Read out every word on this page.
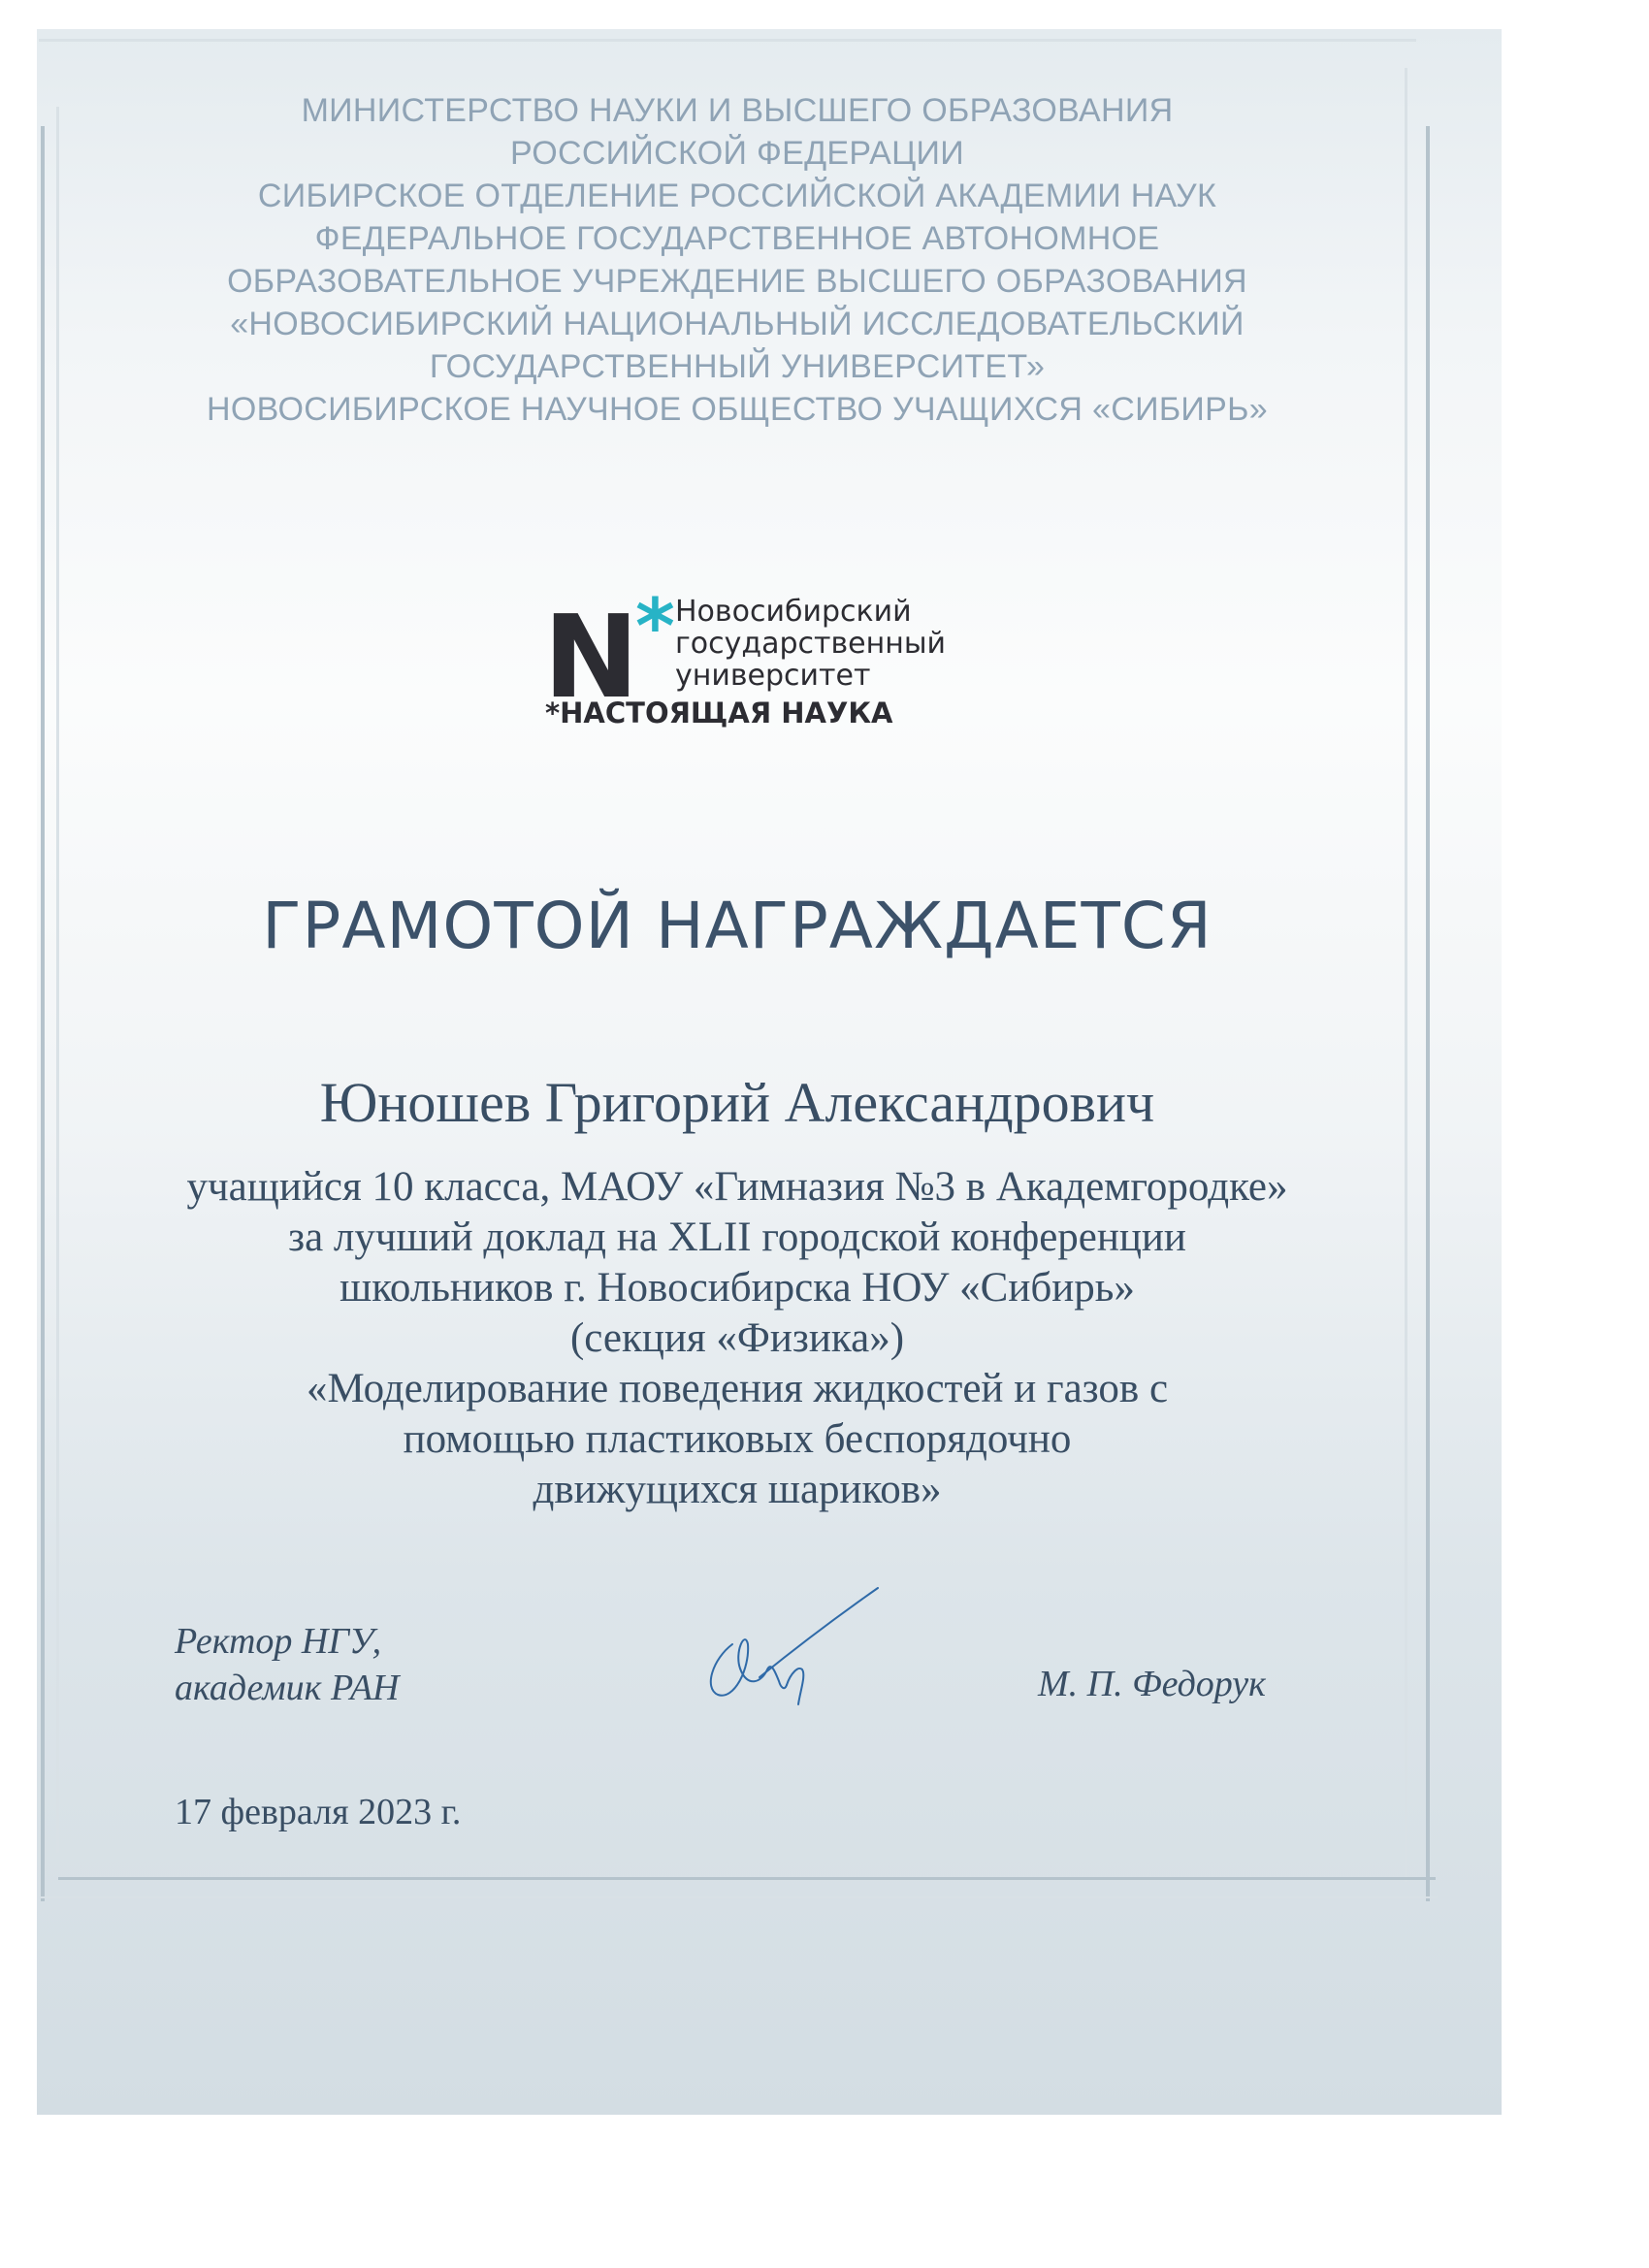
МИНИСТЕРСТВО НАУКИ И ВЫСШЕГО ОБРАЗОВАНИЯ
РОССИЙСКОЙ ФЕДЕРАЦИИ
СИБИРСКОЕ ОТДЕЛЕНИЕ РОССИЙСКОЙ АКАДЕМИИ НАУК
ФЕДЕРАЛЬНОЕ ГОСУДАРСТВЕННОЕ АВТОНОМНОЕ
ОБРАЗОВАТЕЛЬНОЕ УЧРЕЖДЕНИЕ ВЫСШЕГО ОБРАЗОВАНИЯ
«НОВОСИБИРСКИЙ НАЦИОНАЛЬНЫЙ ИССЛЕДОВАТЕЛЬСКИЙ
ГОСУДАРСТВЕННЫЙ УНИВЕРСИТЕТ»
НОВОСИБИРСКОЕ НАУЧНОЕ ОБЩЕСТВО УЧАЩИХСЯ «СИБИРЬ»
N
* Новосибирский
государственный
университет
*НАСТОЯЩАЯ НАУКА
ГРАМОТОЙ НАГРАЖДАЕТСЯ
Юношев Григорий Александрович
учащийся 10 класса, МАОУ «Гимназия №3 в Академгородке»
за лучший доклад на XLII городской конференции
школьников г. Новосибирска НОУ «Сибирь»
(секция «Физика»)
«Моделирование поведения жидкостей и газов с
помощью пластиковых беспорядочно
движущихся шариков»
Ректор НГУ,
академик РАН	М. П. Федорук
17 февраля 2023 г.
